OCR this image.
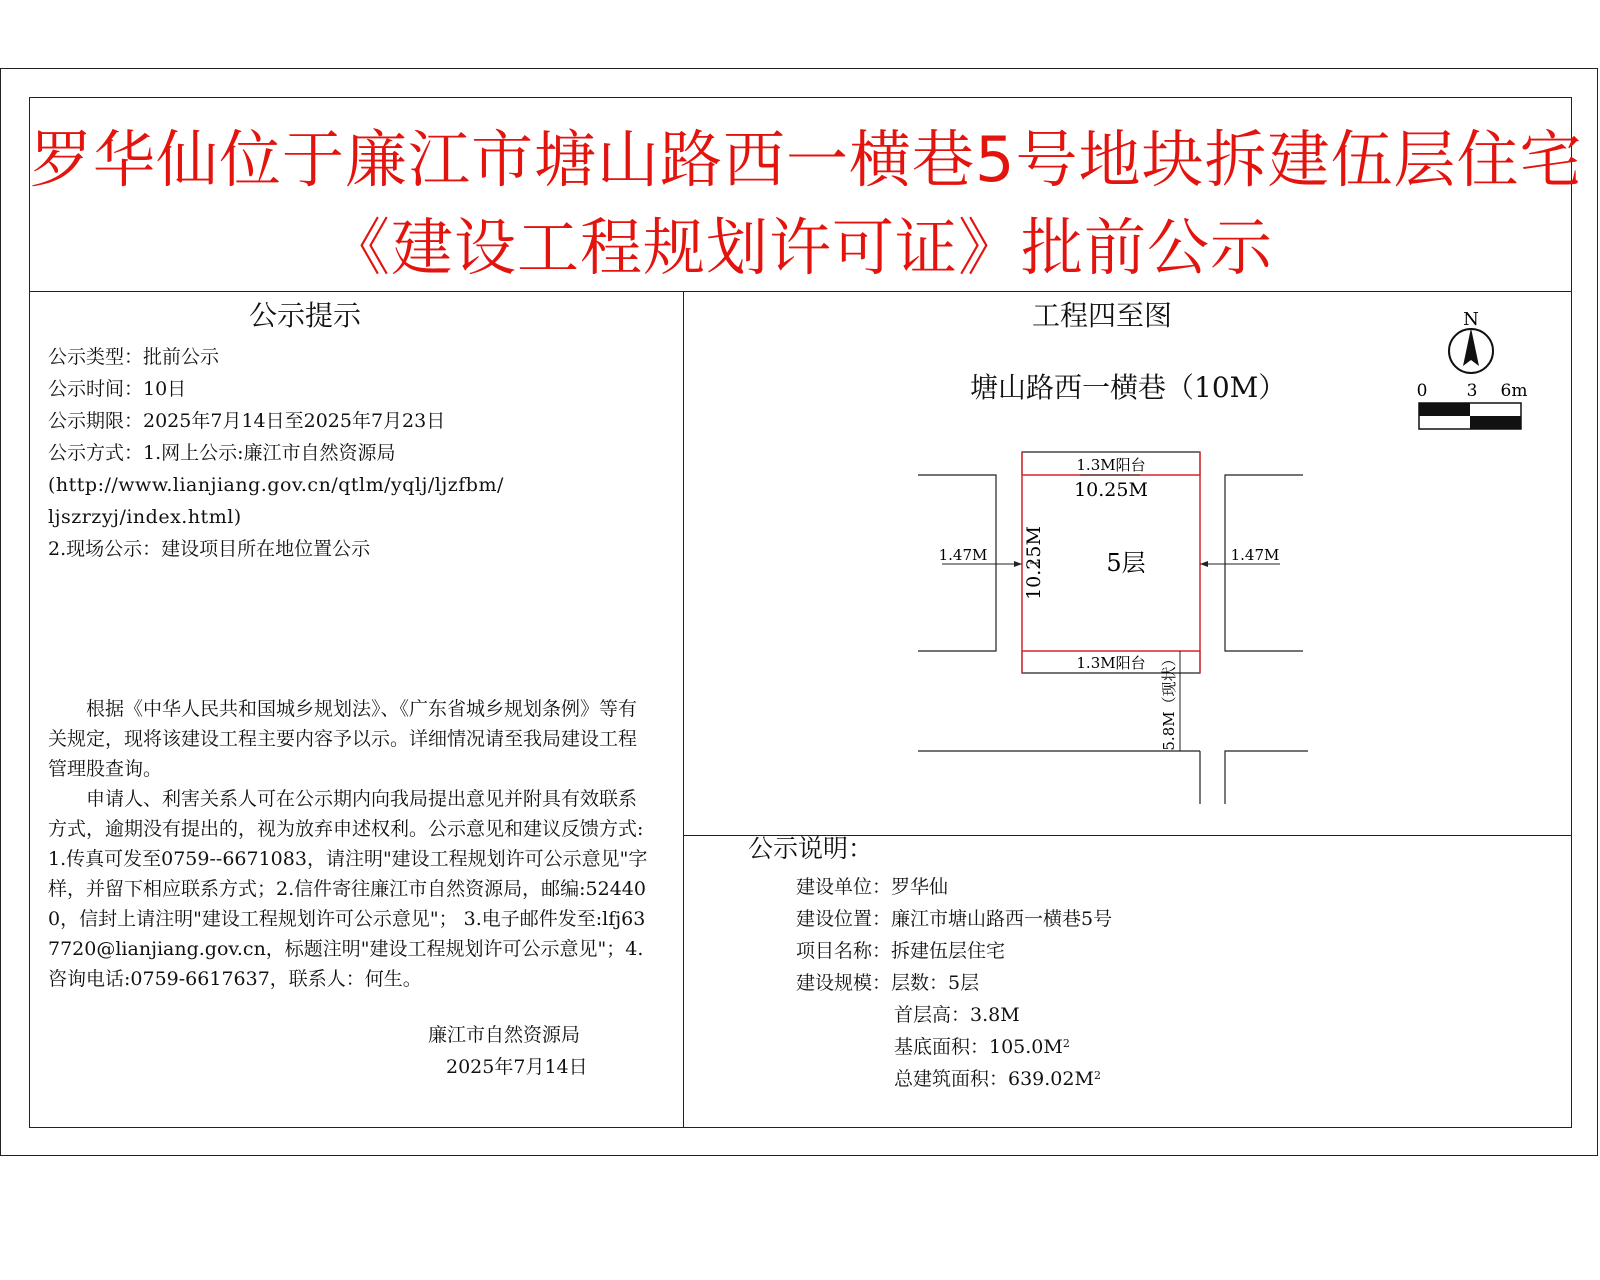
罗华仙位于廉江市塘山路西一横巷5号地块拆建伍层住宅
《建设工程规划许可证》批前公示
公示提示
公示类型：批前公示
公示时间：10日
公示期限：2025年7月14日至2025年7月23日
公示方式：1.网上公示:廉江市自然资源局
(http://www.lianjiang.gov.cn/qtlm/yqlj/ljzfbm/
ljszrzyj/index.html)
2.现场公示：建设项目所在地位置公示
根据《中华人民共和国城乡规划法》、《广东省城乡规划条例》等有关规定，现将该建设工程主要内容予以示。详细情况请至我局建设工程管理股查询。
申请人、利害关系人可在公示期内向我局提出意见并附具有效联系方式，逾期没有提出的，视为放弃申述权利。公示意见和建议反馈方式:1.传真可发至0759--6671083，请注明"建设工程规划许可公示意见"字样，并留下相应联系方式；2.信件寄往廉江市自然资源局，邮编:524400，信封上请注明"建设工程规划许可公示意见"； 3.电子邮件发至:lfj637720@lianjiang.gov.cn，标题注明"建设工程规划许可公示意见"；4.咨询电话:0759-6617637，联系人：何生。
廉江市自然资源局
2025年7月14日
工程四至图
塘山路西一横巷（10M）
N
0 3 6m
1.3M阳台
10.25M
5层
1.47M	1.47M
1.3M阳台
10.25M
5.8M（现状）
公示说明：
建设单位：罗华仙
建设位置：廉江市塘山路西一横巷5号
项目名称：拆建伍层住宅
建设规模：层数：5层
首层高：3.8M
基底面积：$105.0M^2$
总建筑面积：$639.02M^2$
